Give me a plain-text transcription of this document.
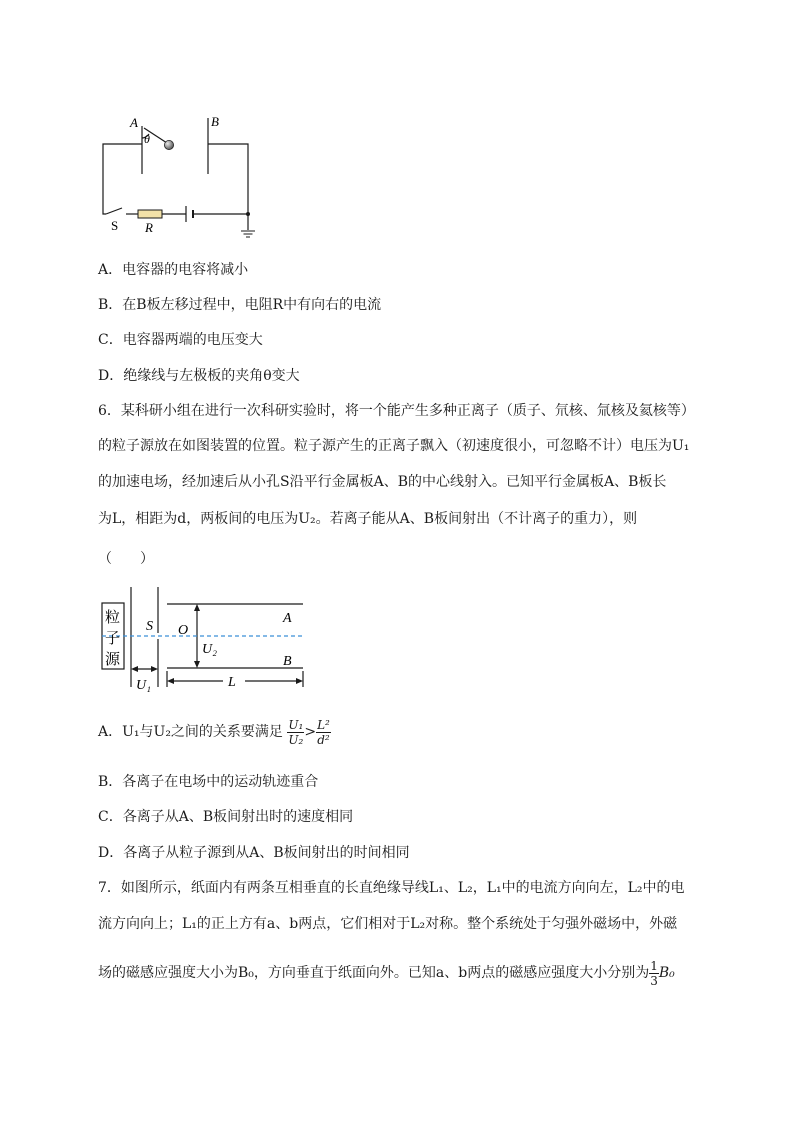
A	B
θ
S R
A．电容器的电容将减小
B．在B板左移过程中，电阻R中有向右的电流
C．电容器两端的电压变大
D．绝缘线与左极板的夹角θ变大
6．某科研小组在进行一次科研实验时，将一个能产生多种正离子（质子、氘核、氚核及氦核等）
的粒子源放在如图装置的位置。粒子源产生的正离子飘入（初速度很小，可忽略不计）电压为U₁
的加速电场，经加速后从小孔S沿平行金属板A、B的中心线射入。已知平行金属板A、B板长
为L，相距为d，两板间的电压为U₂。若离子能从A、B板间射出（不计离子的重力），则
（　　）
粒
子
源
S O
A
B
U₂
U₁	L
A．U₁与U₂之间的关系要满足 $\frac{\text{U₁}}{\text{U₂}} > \frac{\text{L²}}{\text{d²}}$
B．各离子在电场中的运动轨迹重合
C．各离子从A、B板间射出时的速度相同
D．各离子从粒子源到从A、B板间射出的时间相同
7．如图所示，纸面内有两条互相垂直的长直绝缘导线L₁、L₂，L₁中的电流方向向左，L₂中的电
流方向向上；L₁的正上方有a、b两点，它们相对于L₂对称。整个系统处于匀强外磁场中，外磁
场的磁感应强度大小为B₀，方向垂直于纸面向外。已知a、b两点的磁感应强度大小分别为 $\frac{1}{3} B_0$
